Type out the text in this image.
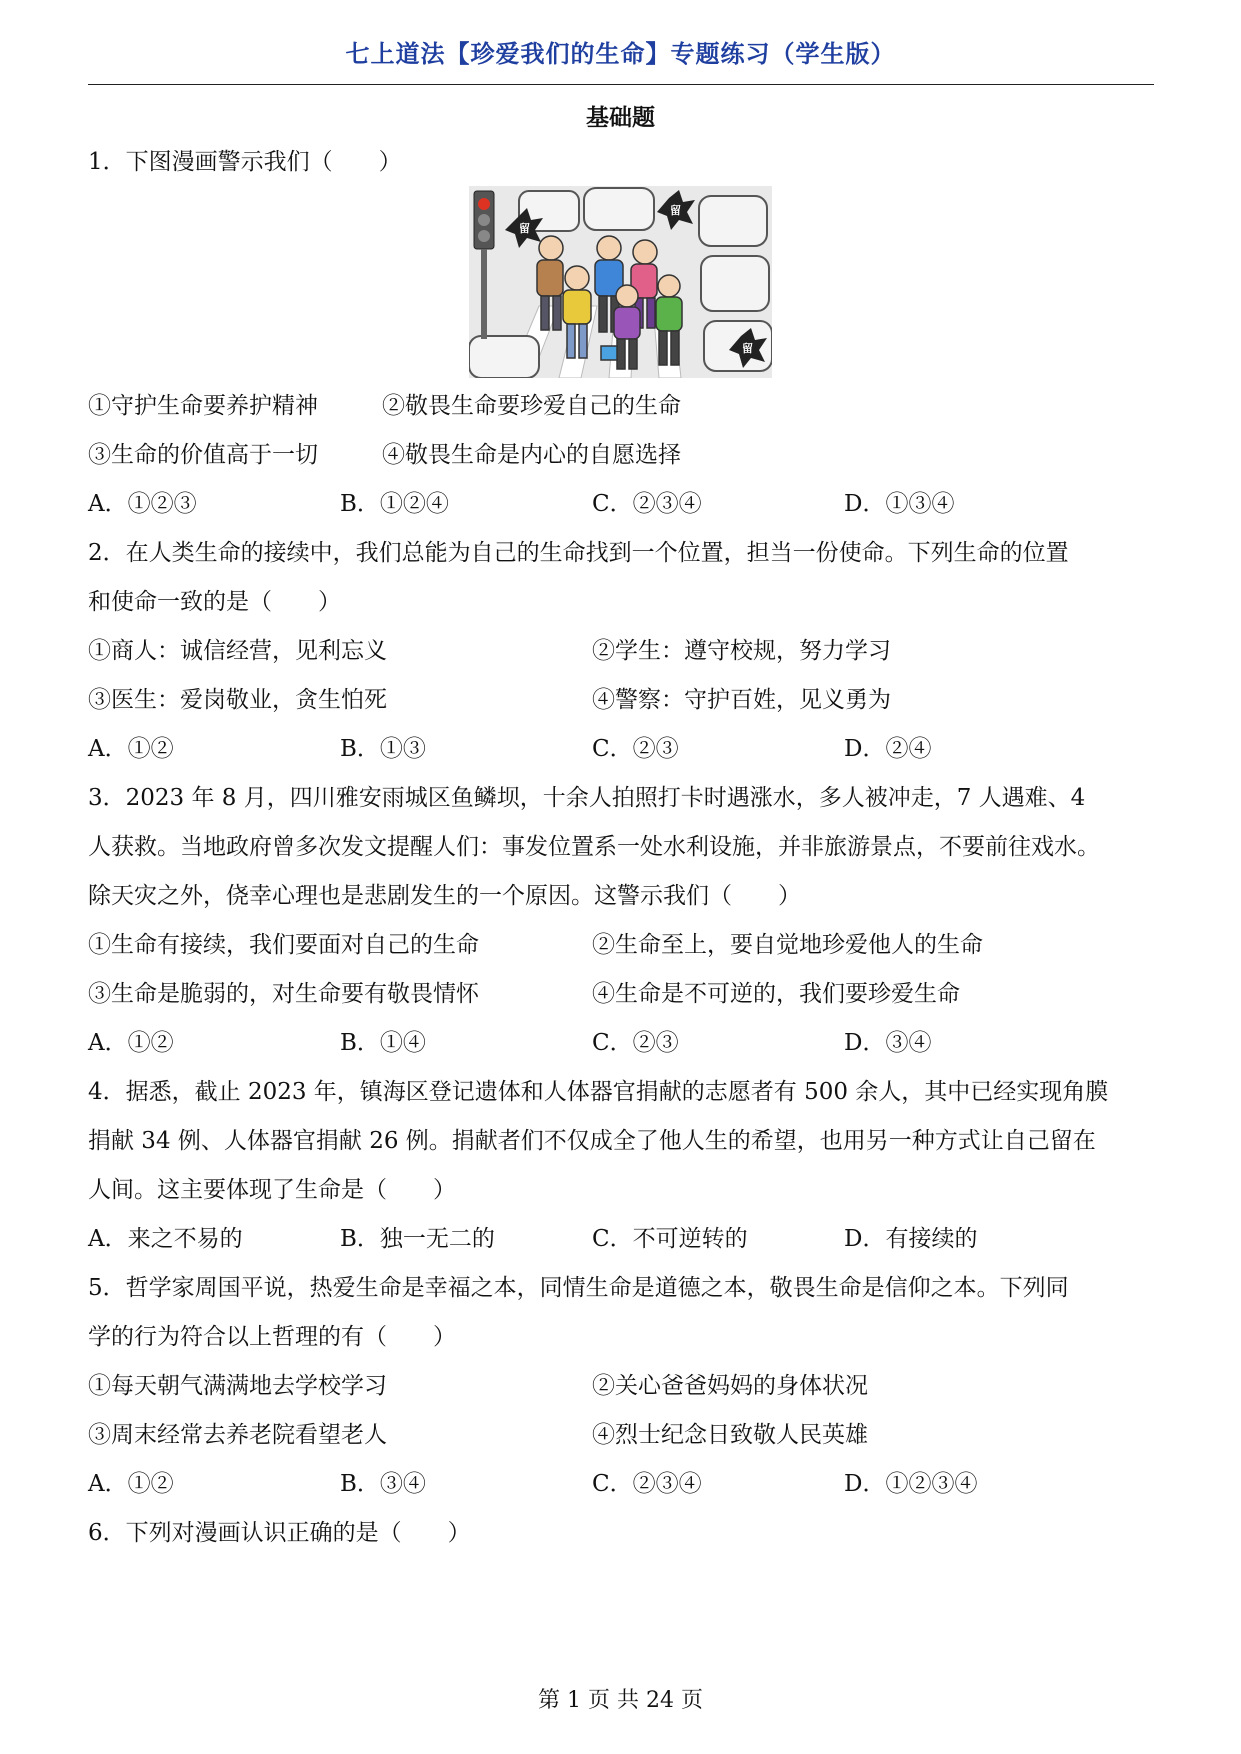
七上道法【珍爱我们的生命】专题练习（学生版）
基础题
1．下图漫画警示我们（　　）
留
留
留
①守护生命要养护精神	②敬畏生命要珍爱自己的生命
③生命的价值高于一切	④敬畏生命是内心的自愿选择
A．①②③	B．①②④	C．②③④	D．①③④
2．在人类生命的接续中，我们总能为自己的生命找到一个位置，担当一份使命。下列生命的位置
和使命一致的是（　　）
①商人：诚信经营，见利忘义	②学生：遵守校规，努力学习
③医生：爱岗敬业，贪生怕死	④警察：守护百姓，见义勇为
A．①②	B．①③	C．②③	D．②④
3．2023 年 8 月，四川雅安雨城区鱼鳞坝，十余人拍照打卡时遇涨水，多人被冲走，7 人遇难、4
人获救。当地政府曾多次发文提醒人们：事发位置系一处水利设施，并非旅游景点，不要前往戏水。
除天灾之外，侥幸心理也是悲剧发生的一个原因。这警示我们（　　）
①生命有接续，我们要面对自己的生命	②生命至上，要自觉地珍爱他人的生命
③生命是脆弱的，对生命要有敬畏情怀	④生命是不可逆的，我们要珍爱生命
A．①②	B．①④	C．②③	D．③④
4．据悉，截止 2023 年，镇海区登记遗体和人体器官捐献的志愿者有 500 余人，其中已经实现角膜
捐献 34 例、人体器官捐献 26 例。捐献者们不仅成全了他人生的希望，也用另一种方式让自己留在
人间。这主要体现了生命是（　　）
A．来之不易的	B．独一无二的	C．不可逆转的	D．有接续的
5．哲学家周国平说，热爱生命是幸福之本，同情生命是道德之本，敬畏生命是信仰之本。下列同
学的行为符合以上哲理的有（　　）
①每天朝气满满地去学校学习	②关心爸爸妈妈的身体状况
③周末经常去养老院看望老人	④烈士纪念日致敬人民英雄
A．①②	B．③④	C．②③④	D．①②③④
6．下列对漫画认识正确的是（　　）
第 1 页 共 24 页
